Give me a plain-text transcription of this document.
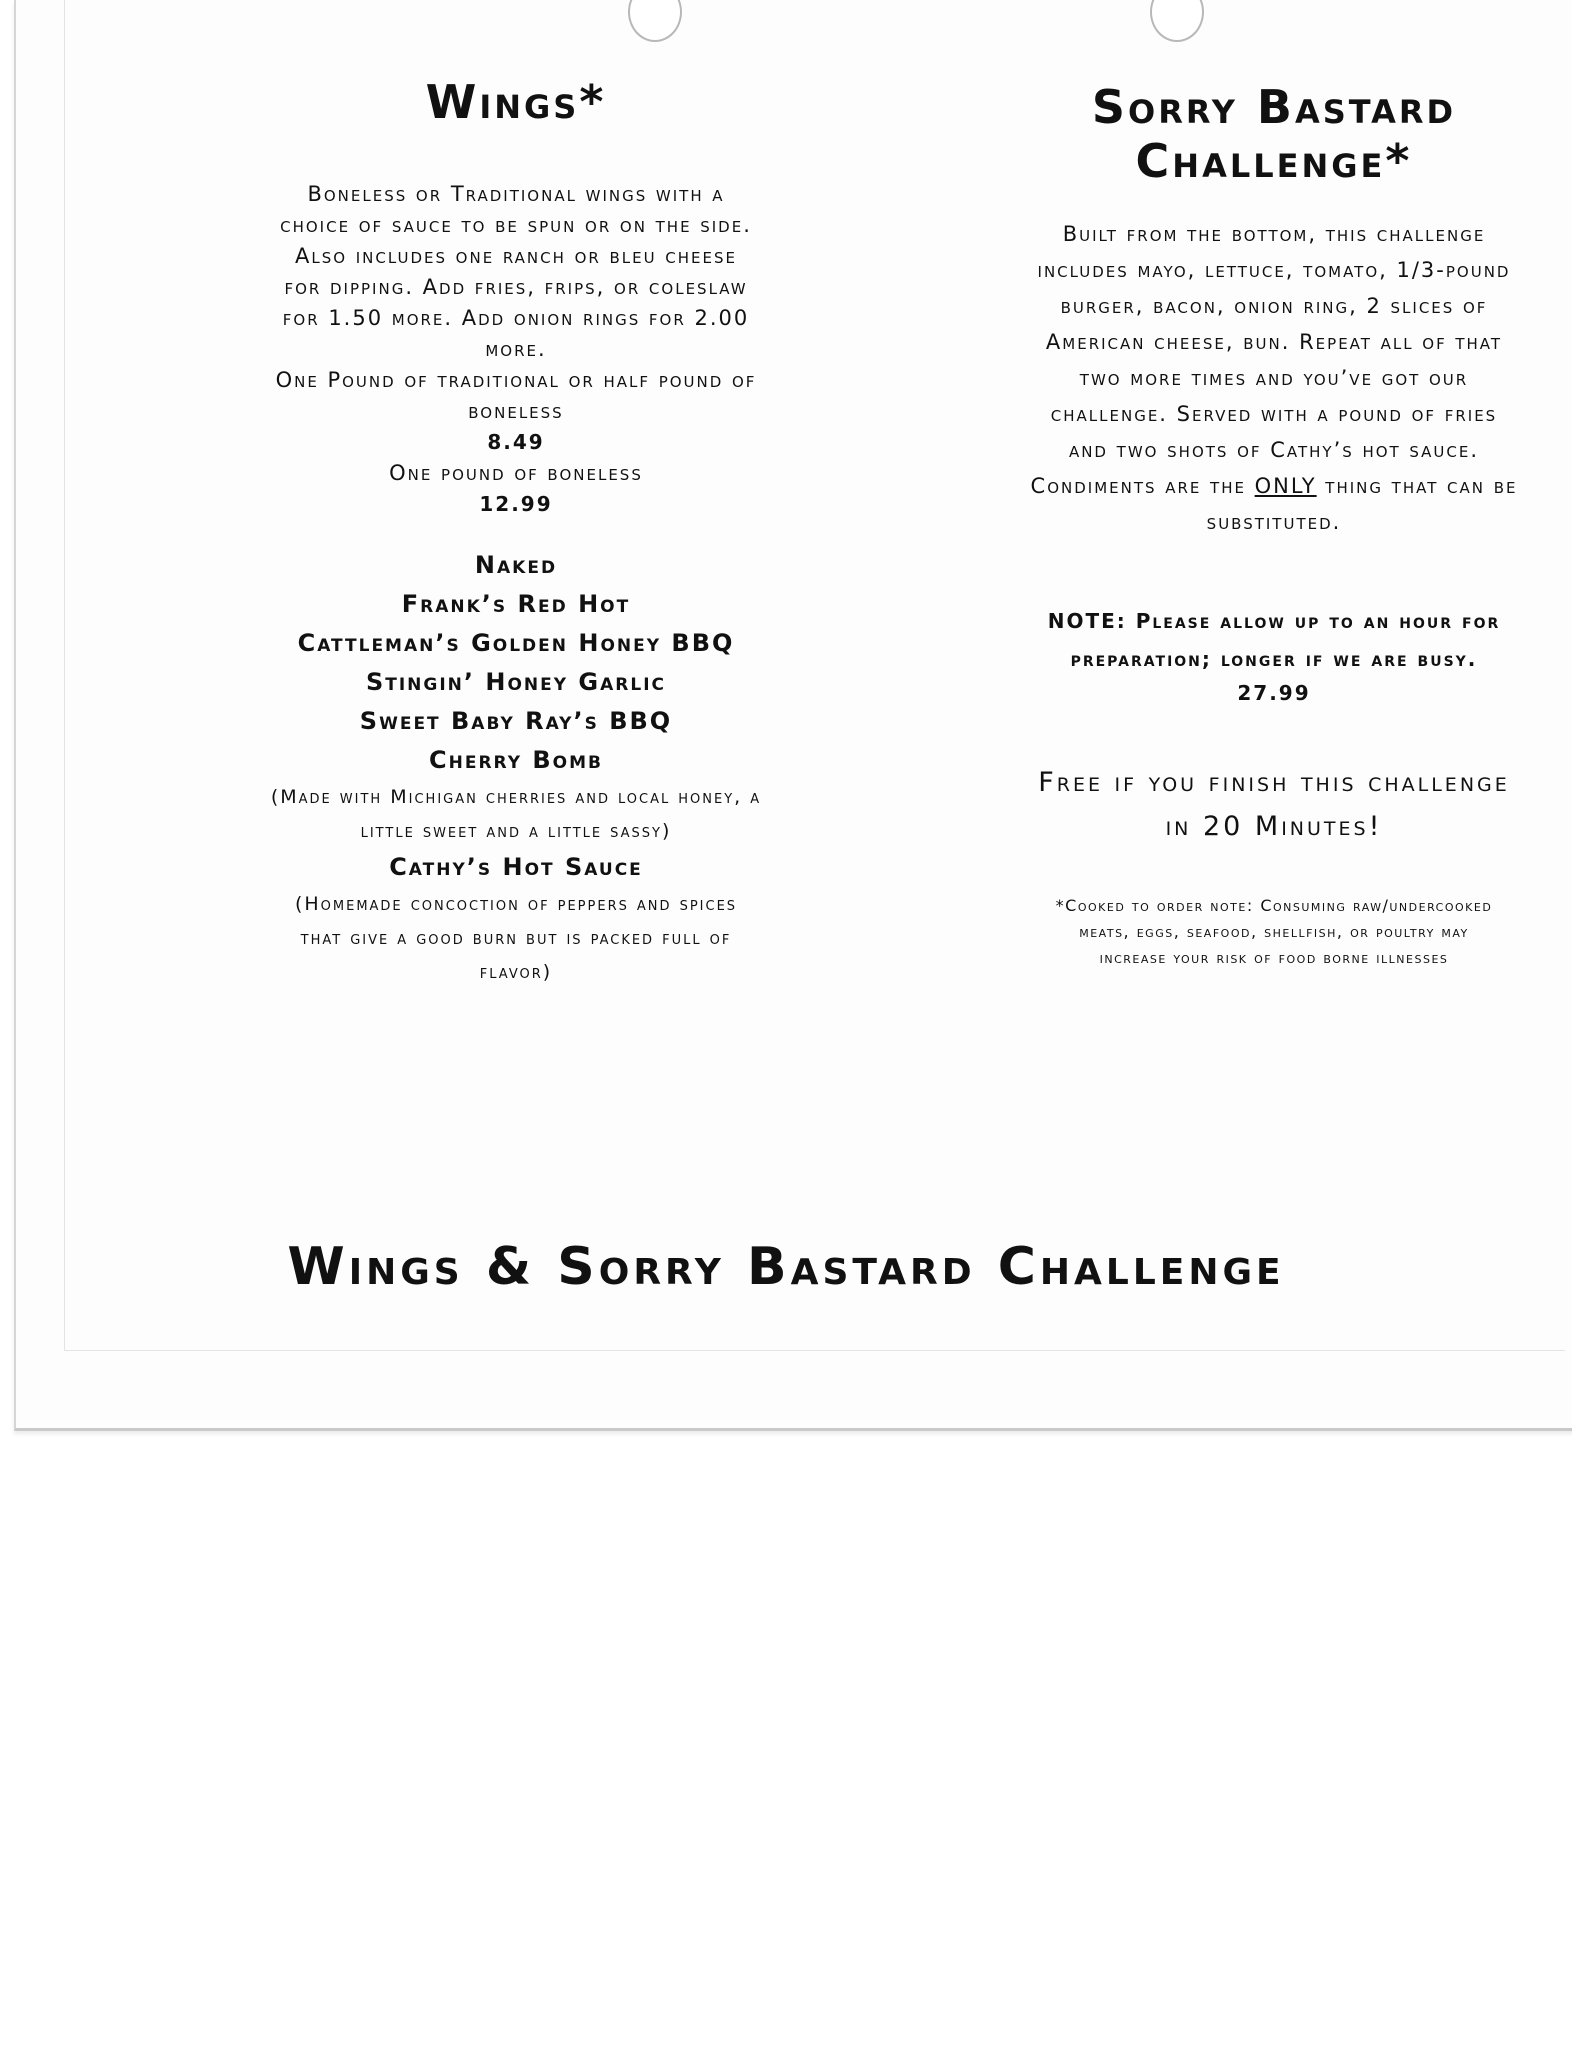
Wings*
Boneless or Traditional wings with a
choice of sauce to be spun or on the side.
Also includes one ranch or bleu cheese
for dipping. Add fries, frips, or coleslaw
for 1.50 more. Add onion rings for 2.00
more.
One Pound of traditional or half pound of
boneless
8.49
One pound of boneless
12.99
Naked
Frank’s Red Hot
Cattleman’s Golden Honey BBQ
Stingin’ Honey Garlic
Sweet Baby Ray’s BBQ
Cherry Bomb
(Made with Michigan cherries and local honey, a
little sweet and a little sassy)
Cathy’s Hot Sauce
(Homemade concoction of peppers and spices
that give a good burn but is packed full of
flavor)
Sorry Bastard
Challenge*
Built from the bottom, this challenge
includes mayo, lettuce, tomato, 1/3-pound
burger, bacon, onion ring, 2 slices of
American cheese, bun. Repeat all of that
two more times and you’ve got our
challenge. Served with a pound of fries
and two shots of Cathy’s hot sauce.
Condiments are the ONLY thing that can be
substituted.
NOTE: Please allow up to an hour for
preparation; longer if we are busy.
27.99
Free if you finish this challenge
in 20 Minutes!
*Cooked to order note: Consuming raw/undercooked
meats, eggs, seafood, shellfish, or poultry may
increase your risk of food borne illnesses
Wings & Sorry Bastard Challenge
